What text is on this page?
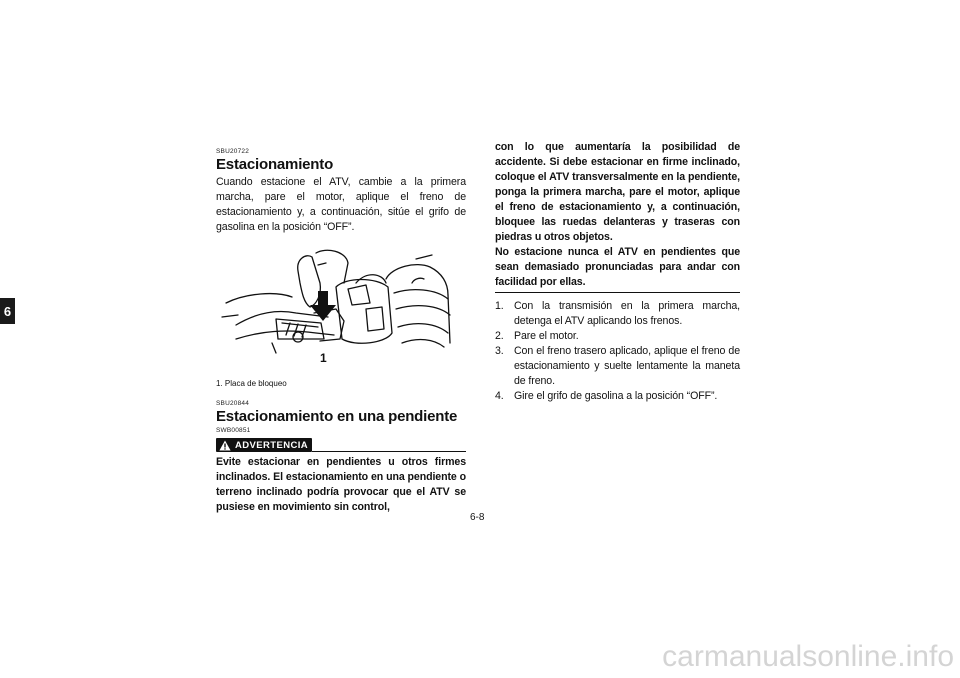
6
SBU20722
Estacionamiento

Cuando estacione el ATV, cambie a la primera marcha, pare el motor, aplique el freno de estacionamiento y, a continuación, sitúe el grifo de gasolina en la posición “OFF”.

1
1. Placa de bloqueo
SBU20844
Estacionamiento en una pendiente
SWB00851
ADVERTENCIA

Evite estacionar en pendientes u otros firmes inclinados. El estacionamiento en una pendiente o terreno inclinado podría provocar que el ATV se pusiese en movimiento sin control,

con lo que aumentaría la posibilidad de accidente. Si debe estacionar en firme inclinado, coloque el ATV transversalmente en la pendiente, ponga la primera marcha, pare el motor, aplique el freno de estacionamiento y, a continuación, bloquee las ruedas delanteras y traseras con piedras u otros objetos.

No estacione nunca el ATV en pendientes que sean demasiado pronunciadas para andar con facilidad por ellas.

1. Con la transmisión en la primera marcha, detenga el ATV aplicando los frenos.
2. Pare el motor.
3. Con el freno trasero aplicado, aplique el freno de estacionamiento y suelte lentamente la maneta de freno.
4. Gire el grifo de gasolina a la posición “OFF”.
6-8
carmanualsonline.info
